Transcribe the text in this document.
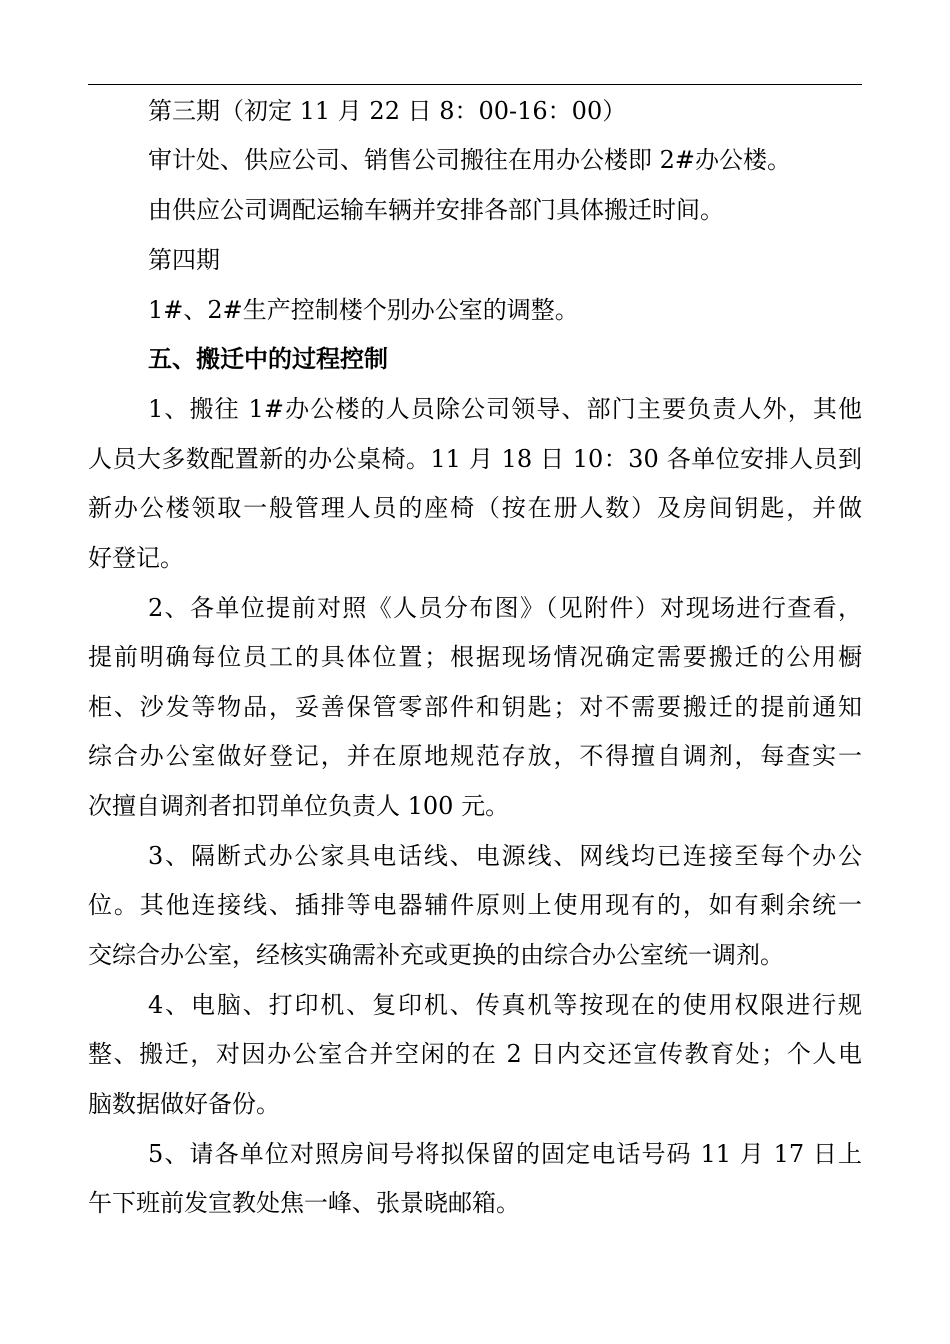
第三期（初定 11 月 22 日 8：00-16：00）
审计处、供应公司、销售公司搬往在用办公楼即 2#办公楼。
由供应公司调配运输车辆并安排各部门具体搬迁时间。
第四期
1#、2#生产控制楼个别办公室的调整。
五、搬迁中的过程控制
1、搬往 1#办公楼的人员除公司领导、部门主要负责人外，其他
人员大多数配置新的办公桌椅。11 月 18 日 10：30 各单位安排人员到
新办公楼领取一般管理人员的座椅（按在册人数）及房间钥匙，并做
好登记。
2、各单位提前对照《人员分布图》（见附件）对现场进行查看，
提前明确每位员工的具体位置；根据现场情况确定需要搬迁的公用橱
柜、沙发等物品，妥善保管零部件和钥匙；对不需要搬迁的提前通知
综合办公室做好登记，并在原地规范存放，不得擅自调剂，每查实一
次擅自调剂者扣罚单位负责人 100 元。
3、隔断式办公家具电话线、电源线、网线均已连接至每个办公
位。其他连接线、插排等电器辅件原则上使用现有的，如有剩余统一
交综合办公室，经核实确需补充或更换的由综合办公室统一调剂。
4、电脑、打印机、复印机、传真机等按现在的使用权限进行规
整、搬迁，对因办公室合并空闲的在 2 日内交还宣传教育处；个人电
脑数据做好备份。
5、请各单位对照房间号将拟保留的固定电话号码 11 月 17 日上
午下班前发宣教处焦一峰、张景晓邮箱。
